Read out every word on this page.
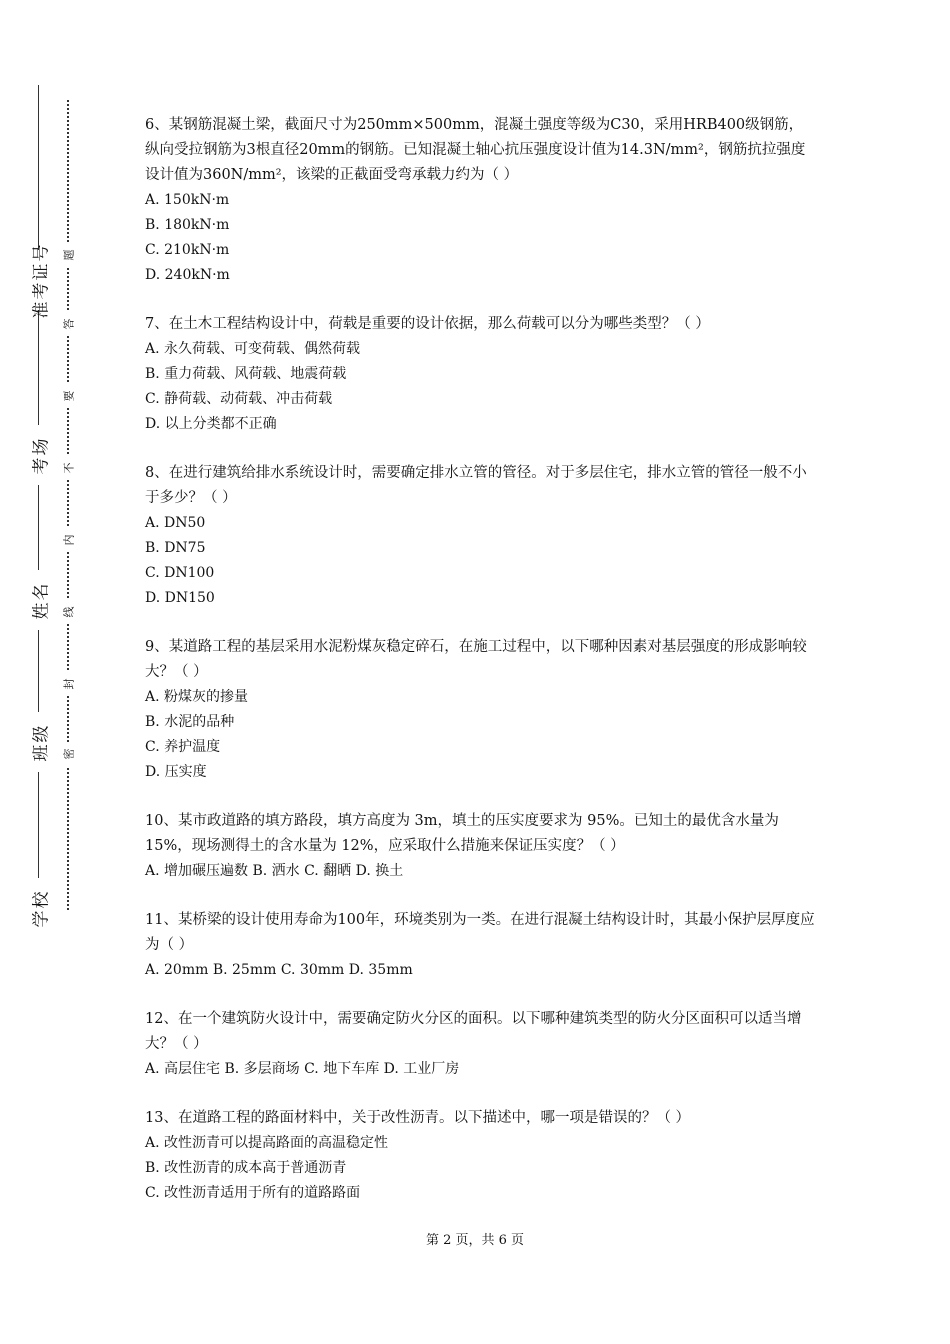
准考证号
考场
姓名
班级
学校
题
答
要
不
内
线
封
密

6、某钢筋混凝土梁，截面尺寸为250mm×500mm，混凝土强度等级为C30，采用HRB400级钢筋，纵向受拉钢筋为3根直径20mm的钢筋。已知混凝土轴心抗压强度设计值为14.3N/mm²，钢筋抗拉强度设计值为360N/mm²，该梁的正截面受弯承载力约为（ ）

A. 150kN·m

B. 180kN·m

C. 210kN·m

D. 240kN·m

7、在土木工程结构设计中，荷载是重要的设计依据，那么荷载可以分为哪些类型？（ ）

A. 永久荷载、可变荷载、偶然荷载

B. 重力荷载、风荷载、地震荷载

C. 静荷载、动荷载、冲击荷载

D. 以上分类都不正确

8、在进行建筑给排水系统设计时，需要确定排水立管的管径。对于多层住宅，排水立管的管径一般不小于多少？（ ）

A. DN50

B. DN75

C. DN100

D. DN150

9、某道路工程的基层采用水泥粉煤灰稳定碎石，在施工过程中，以下哪种因素对基层强度的形成影响较大？（ ）

A. 粉煤灰的掺量

B. 水泥的品种

C. 养护温度

D. 压实度

10、某市政道路的填方路段，填方高度为 3m，填土的压实度要求为 95%。已知土的最优含水量为 15%，现场测得土的含水量为 12%，应采取什么措施来保证压实度？（ ）

A. 增加碾压遍数 B. 洒水 C. 翻晒 D. 换土

11、某桥梁的设计使用寿命为100年，环境类别为一类。在进行混凝土结构设计时，其最小保护层厚度应为（ ）

A. 20mm B. 25mm C. 30mm D. 35mm

12、在一个建筑防火设计中，需要确定防火分区的面积。以下哪种建筑类型的防火分区面积可以适当增大？（ ）

A. 高层住宅 B. 多层商场 C. 地下车库 D. 工业厂房

13、在道路工程的路面材料中，关于改性沥青。以下描述中，哪一项是错误的？（ ）

A. 改性沥青可以提高路面的高温稳定性

B. 改性沥青的成本高于普通沥青

C. 改性沥青适用于所有的道路路面

第 2 页，共 6 页
